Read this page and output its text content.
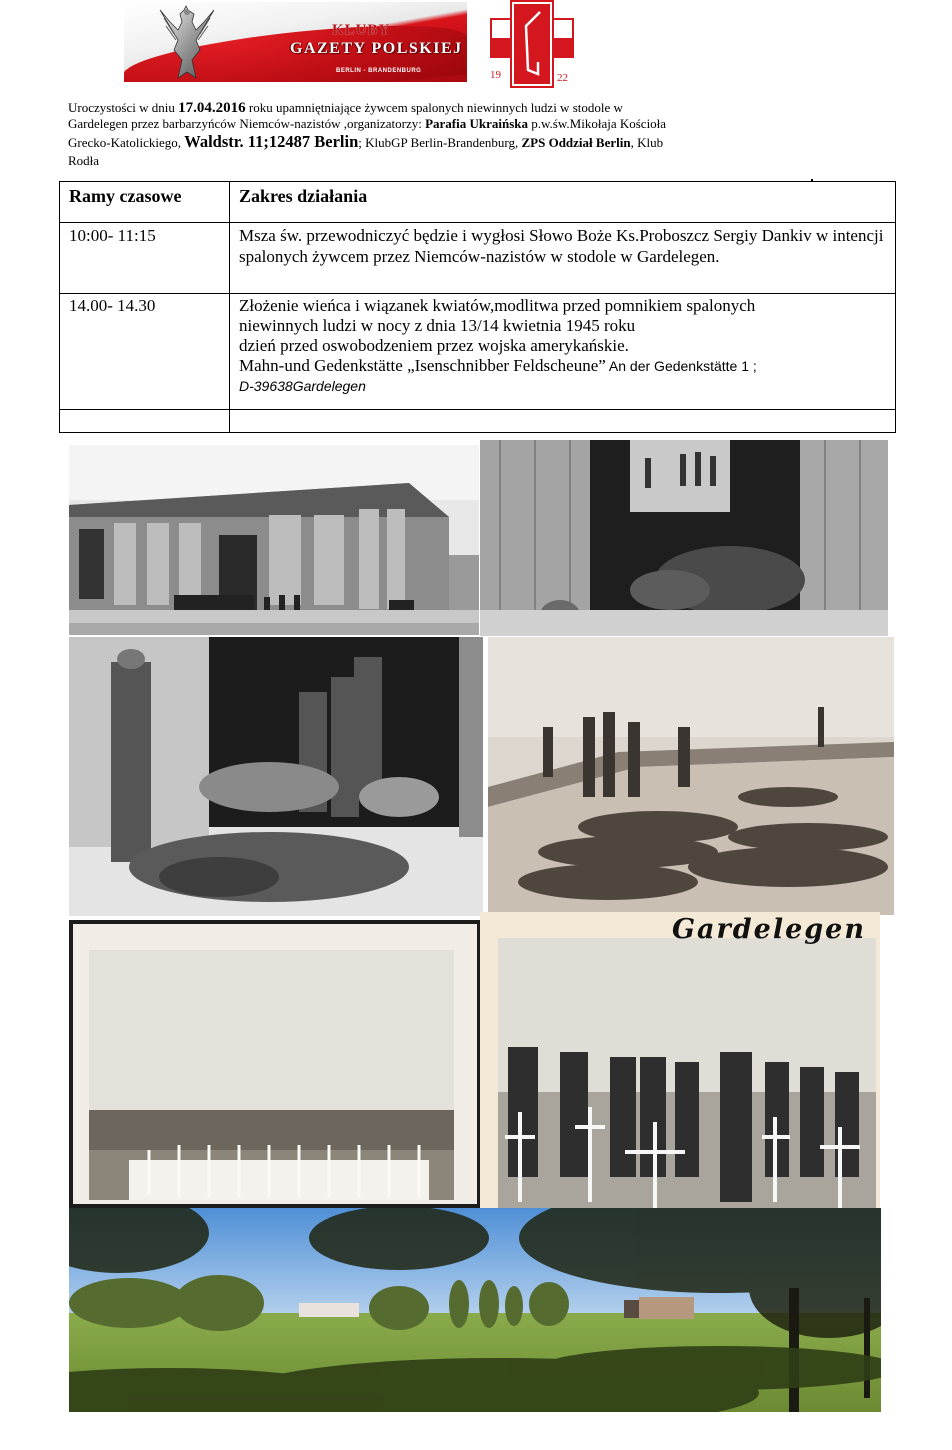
KLUBY
GAZETY POLSKIEJ
BERLIN - BRANDENBURG	19	22
Uroczystości w dniu 17.04.2016 roku upamniętniające żywcem spalonych niewinnych ludzi w stodole w
Gardelegen przez barbarzyńców Niemców-nazistów ,organizatorzy: Parafia Ukraińska p.w.św.Mikołaja Kościoła
Grecko-Katolickiego, Waldstr. 11;12487 Berlin; KlubGP Berlin-Brandenburg, ZPS Oddział Berlin, Klub
Rodła
Ramy czasowe	Zakres działania
10:00- 11:15	Msza św. przewodniczyć będzie i wygłosi Słowo Boże Ks.Proboszcz Sergiy Dankiv w intencji spalonych żywcem przez Niemców-nazistów w stodole w Gardelegen.
14.00- 14.30	Złożenie wieńca i wiązanek kwiatów,modlitwa przed pomnikiem spalonych
niewinnych ludzi w nocy z dnia 13/14 kwietnia 1945 roku
dzień przed oswobodzeniem przez wojska amerykańskie.
Mahn-und Gedenkstätte „Isenschnibber Feldscheune” An der Gedenkstätte 1 ;
D-39638Gardelegen

Gardelegen
